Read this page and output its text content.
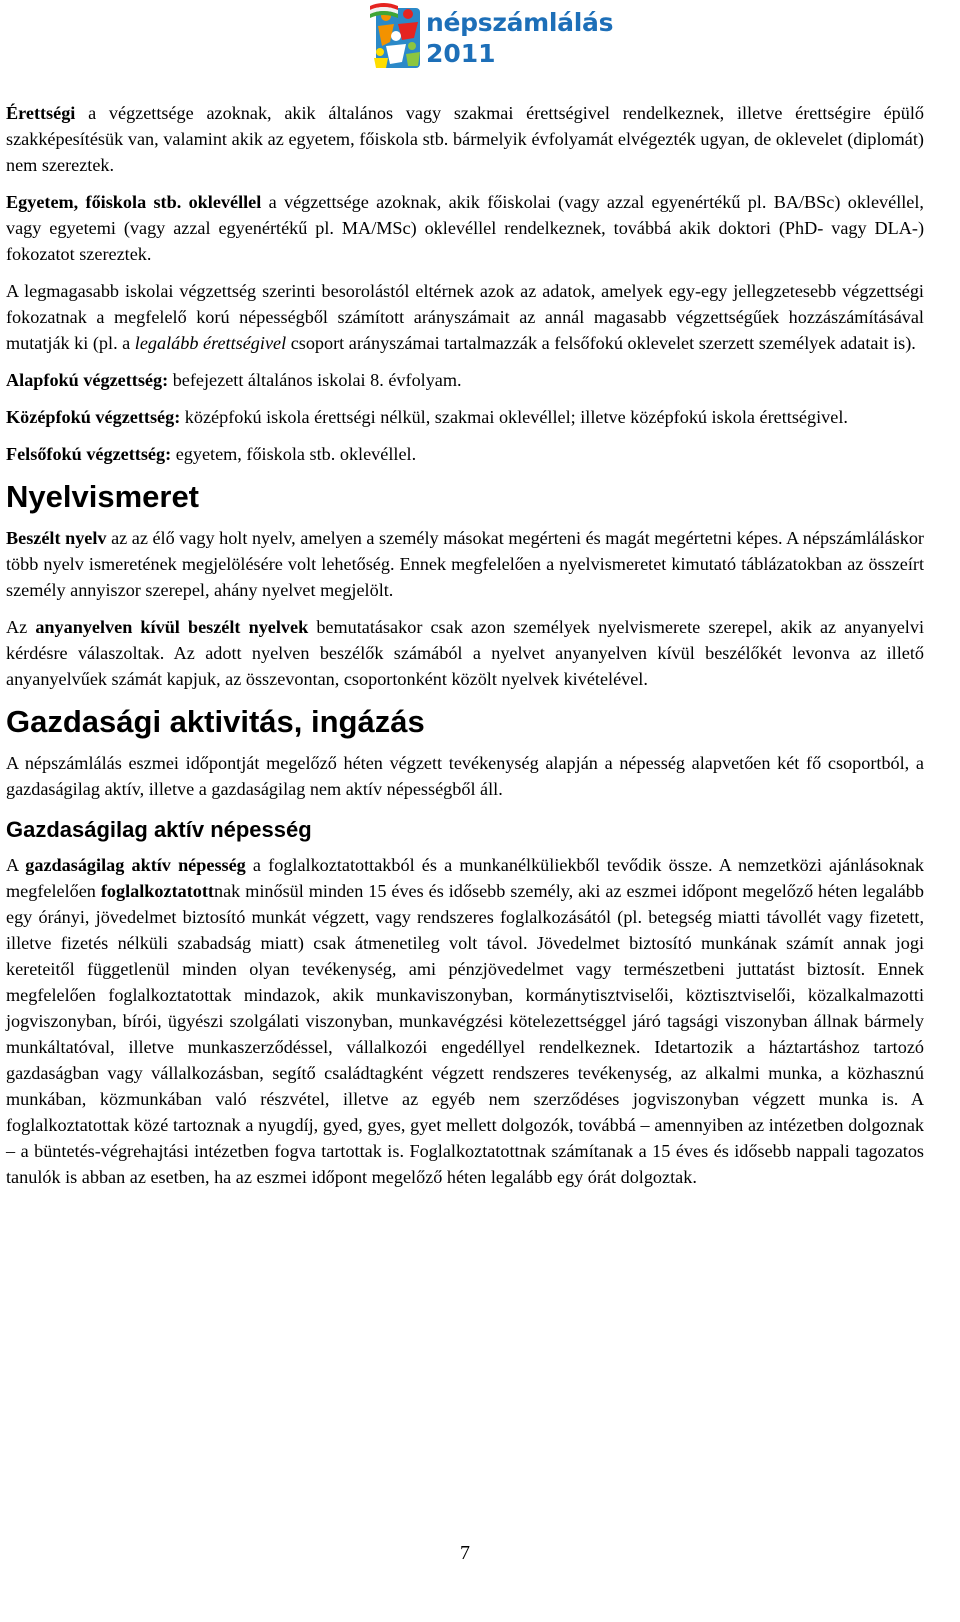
népszámlálás
2011

Érettségi a végzettsége azoknak, akik általános vagy szakmai érettségivel rendelkeznek, illetve érettségire épülő szakképesítésük van, valamint akik az egyetem, főiskola stb. bármelyik évfolyamát elvégezték ugyan, de oklevelet (diplomát) nem szereztek.

Egyetem, főiskola stb. oklevéllel a végzettsége azoknak, akik főiskolai (vagy azzal egyenértékű pl. BA/BSc) oklevéllel, vagy egyetemi (vagy azzal egyenértékű pl. MA/MSc) oklevéllel rendelkeznek, továbbá akik doktori (PhD- vagy DLA-) fokozatot szereztek.

A legmagasabb iskolai végzettség szerinti besorolástól eltérnek azok az adatok, amelyek egy-egy jellegzetesebb végzettségi fokozatnak a megfelelő korú népességből számított arányszámait az annál magasabb végzettségűek hozzászámításával mutatják ki (pl. a legalább érettségivel csoport arányszámai tartalmazzák a felsőfokú oklevelet szerzett személyek adatait is).

Alapfokú végzettség: befejezett általános iskolai 8. évfolyam.

Középfokú végzettség: középfokú iskola érettségi nélkül, szakmai oklevéllel; illetve középfokú iskola érettségivel.

Felsőfokú végzettség: egyetem, főiskola stb. oklevéllel.

Nyelvismeret

Beszélt nyelv az az élő vagy holt nyelv, amelyen a személy másokat megérteni és magát megértetni képes. A népszámláláskor több nyelv ismeretének megjelölésére volt lehetőség. Ennek megfelelően a nyelvismeretet kimutató táblázatokban az összeírt személy annyiszor szerepel, ahány nyelvet megjelölt.

Az anyanyelven kívül beszélt nyelvek bemutatásakor csak azon személyek nyelvismerete szerepel, akik az anyanyelvi kérdésre válaszoltak. Az adott nyelven beszélők számából a nyelvet anyanyelven kívül beszélőkét levonva az illető anyanyelvűek számát kapjuk, az összevontan, csoportonként közölt nyelvek kivételével.

Gazdasági aktivitás, ingázás

A népszámlálás eszmei időpontját megelőző héten végzett tevékenység alapján a népesség alapvetően két fő csoportból, a gazdaságilag aktív, illetve a gazdaságilag nem aktív népességből áll.

Gazdaságilag aktív népesség

A gazdaságilag aktív népesség a foglalkoztatottakból és a munkanélküliekből tevődik össze. A nemzetközi ajánlásoknak megfelelően foglalkoztatottnak minősül minden 15 éves és idősebb személy, aki az eszmei időpont megelőző héten legalább egy órányi, jövedelmet biztosító munkát végzett, vagy rendszeres foglalkozásától (pl. betegség miatti távollét vagy fizetett, illetve fizetés nélküli szabadság miatt) csak átmenetileg volt távol. Jövedelmet biztosító munkának számít annak jogi kereteitől függetlenül minden olyan tevékenység, ami pénzjövedelmet vagy természetbeni juttatást biztosít. Ennek megfelelően foglalkoztatottak mindazok, akik munkaviszonyban, kormánytisztviselői, köztisztviselői, közalkalmazotti jogviszonyban, bírói, ügyészi szolgálati viszonyban, munkavégzési kötelezettséggel járó tagsági viszonyban állnak bármely munkáltatóval, illetve munkaszerződéssel, vállalkozói engedéllyel rendelkeznek. Idetartozik a háztartáshoz tartozó gazdaságban vagy vállalkozásban, segítő családtagként végzett rendszeres tevékenység, az alkalmi munka, a közhasznú munkában, közmunkában való részvétel, illetve az egyéb nem szerződéses jogviszonyban végzett munka is. A foglalkoztatottak közé tartoznak a nyugdíj, gyed, gyes, gyet mellett dolgozók, továbbá – amennyiben az intézetben dolgoznak – a büntetés-végrehajtási intézetben fogva tartottak is. Foglalkoztatottnak számítanak a 15 éves és idősebb nappali tagozatos tanulók is abban az esetben, ha az eszmei időpont megelőző héten legalább egy órát dolgoztak.

7
